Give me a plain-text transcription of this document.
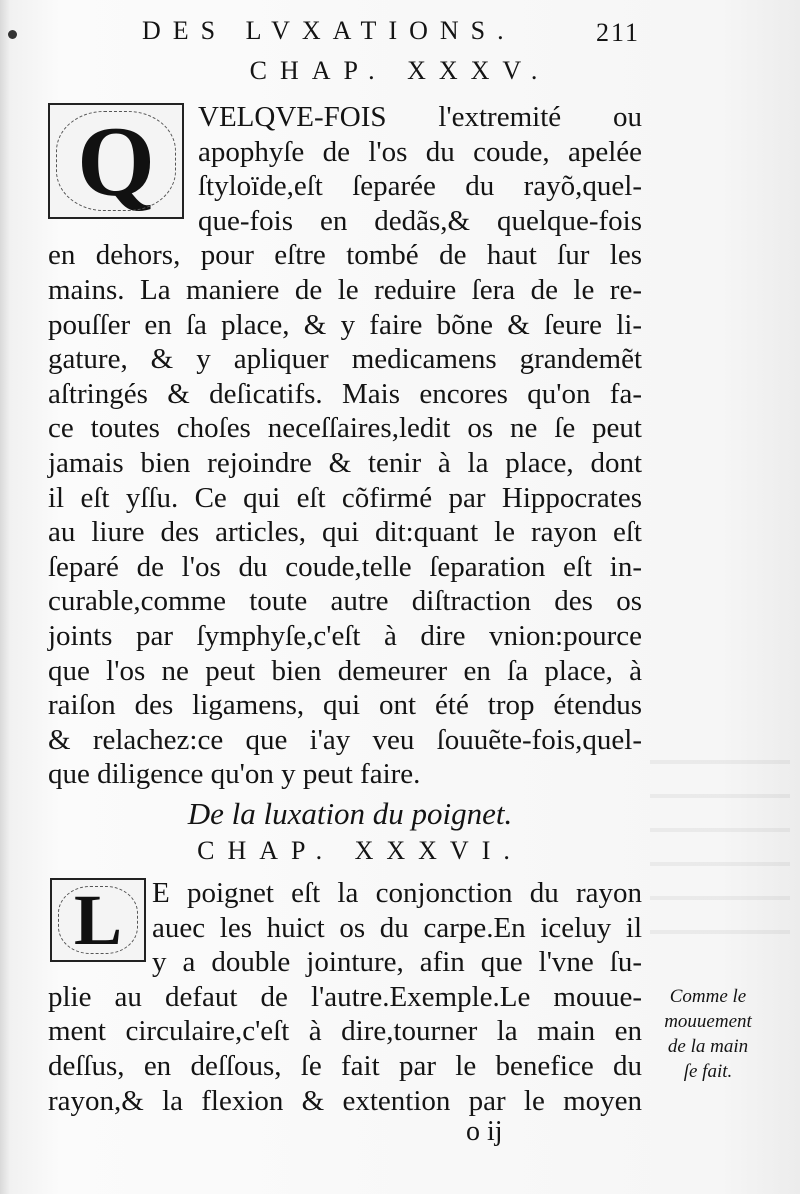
DES LVXATIONS.	211
CHAP. XXXV.
Q	VELQVE-FOIS l'extremité ou
apophyſe de l'os du coude, apelée
ſtyloïde,eſt ſeparée du rayõ,quel-
que-fois en dedãs,& quelque-fois
en dehors, pour eſtre tombé de haut ſur les
mains. La maniere de le reduire ſera de le re-
pouſſer en ſa place, & y faire bõne & ſeure li-
gature, & y apliquer medicamens grandemẽt
aſtringés & deſicatifs. Mais encores qu'on fa-
ce toutes choſes neceſſaires,ledit os ne ſe peut
jamais bien rejoindre & tenir à la place, dont
il eſt yſſu. Ce qui eſt cõfirmé par Hippocrates
au liure des articles, qui dit:quant le rayon eſt
ſeparé de l'os du coude,telle ſeparation eſt in-
curable,comme toute autre diſtraction des os
joints par ſymphyſe,c'eſt à dire vnion:pource
que l'os ne peut bien demeurer en ſa place, à
raiſon des ligamens, qui ont été trop étendus
& relachez:ce que i'ay veu ſouuẽte-fois,quel-
que diligence qu'on y peut faire.
De la luxation du poignet.
CHAP. XXXVI.
L	E poignet eſt la conjonction du rayon
auec les huict os du carpe.En iceluy il
y a double jointure, afin que l'vne ſu-
plie au defaut de l'autre.Exemple.Le mouue-
ment circulaire,c'eſt à dire,tourner la main en
deſſus, en deſſous, ſe fait par le benefice du
rayon,& la flexion & extention par le moyen
Comme le
mouuement
de la main
ſe fait.
o ij
